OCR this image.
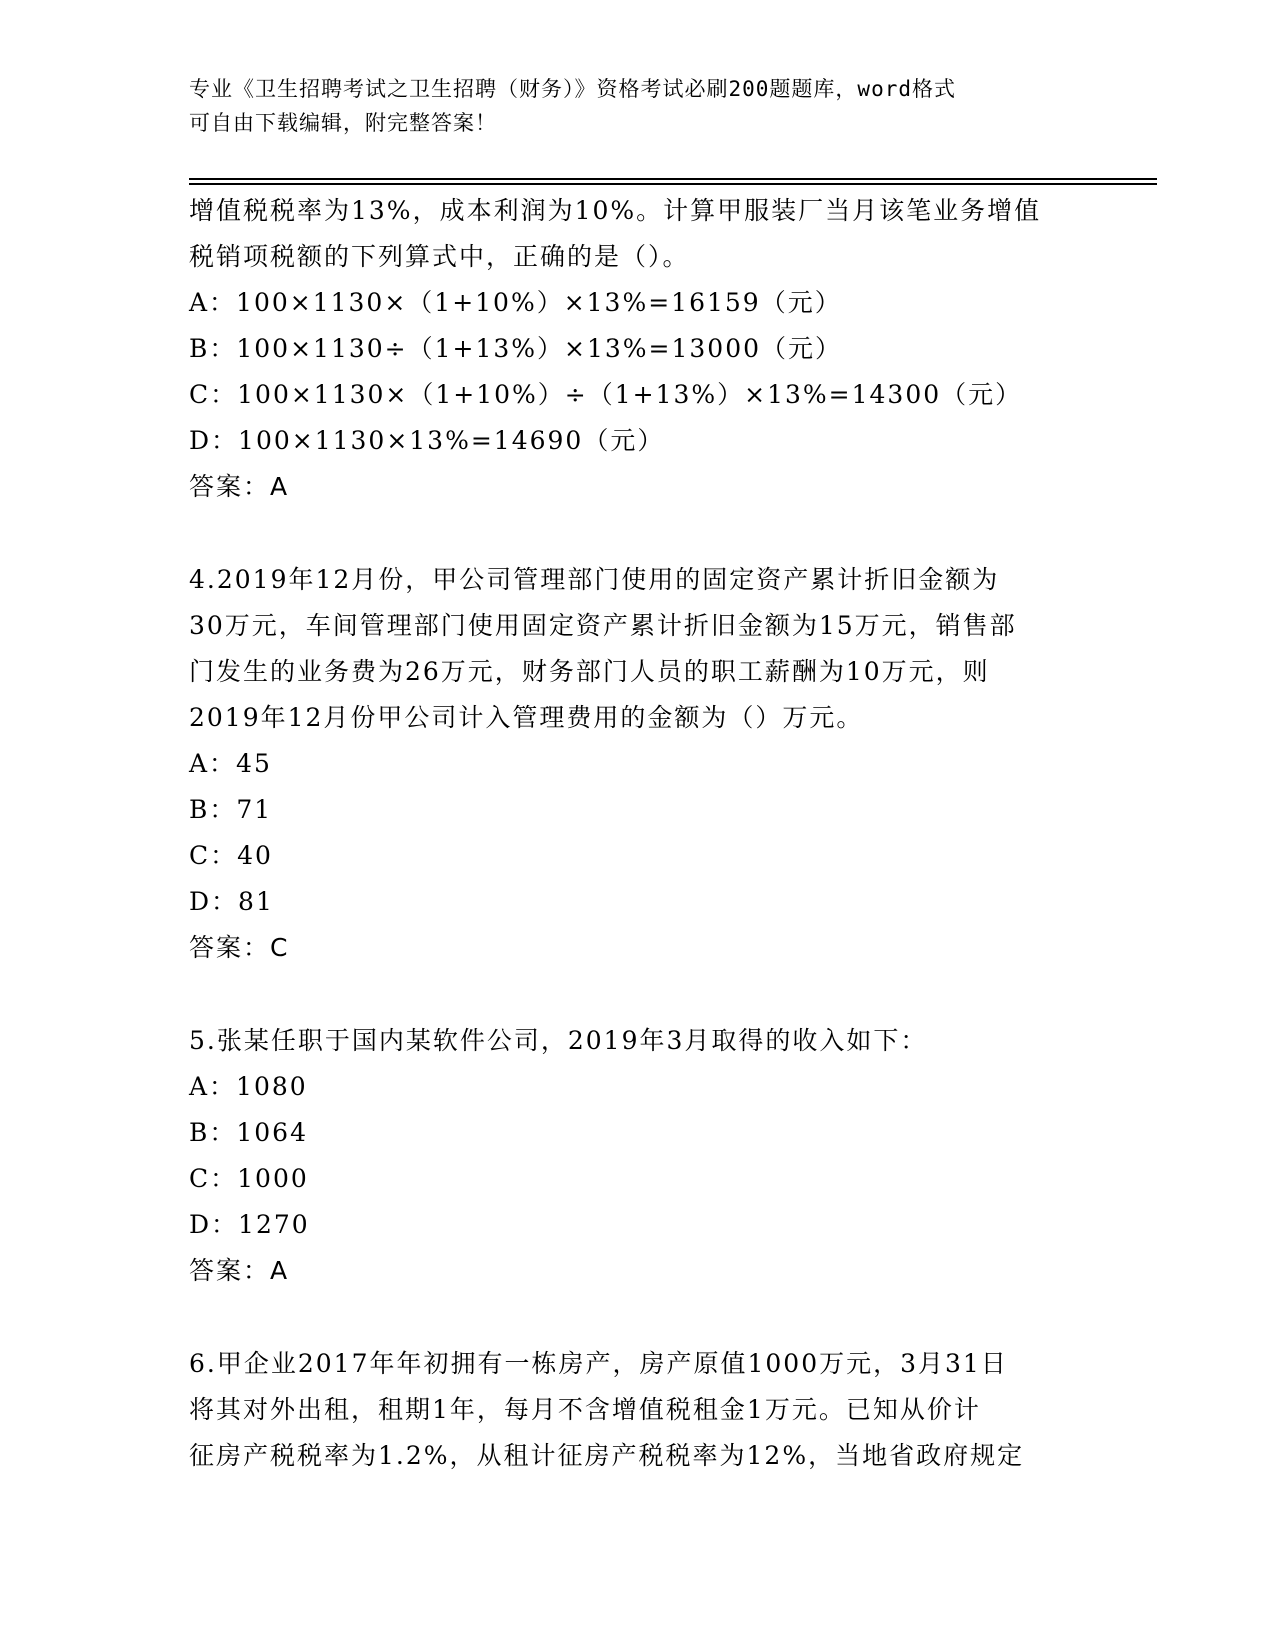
专业《卫生招聘考试之卫生招聘（财务）》资格考试必刷200题题库，word格式
可自由下载编辑，附完整答案！
增值税税率为13%，成本利润为10%。计算甲服装厂当月该笔业务增值
税销项税额的下列算式中，正确的是（）。
A：100×1130×（1+10%）×13%=16159（元）
B：100×1130÷（1+13%）×13%=13000（元）
C：100×1130×（1+10%）÷（1+13%）×13%=14300（元）
D：100×1130×13%=14690（元）
答案：A
4.2019年12月份，甲公司管理部门使用的固定资产累计折旧金额为
30万元，车间管理部门使用固定资产累计折旧金额为15万元，销售部
门发生的业务费为26万元，财务部门人员的职工薪酬为10万元，则
2019年12月份甲公司计入管理费用的金额为（）万元。
A：45
B：71
C：40
D：81
答案：C
5.张某任职于国内某软件公司，2019年3月取得的收入如下：
A：1080
B：1064
C：1000
D：1270
答案：A
6.甲企业2017年年初拥有一栋房产，房产原值1000万元，3月31日
将其对外出租，租期1年，每月不含增值税租金1万元。已知从价计
征房产税税率为1.2%，从租计征房产税税率为12%，当地省政府规定
